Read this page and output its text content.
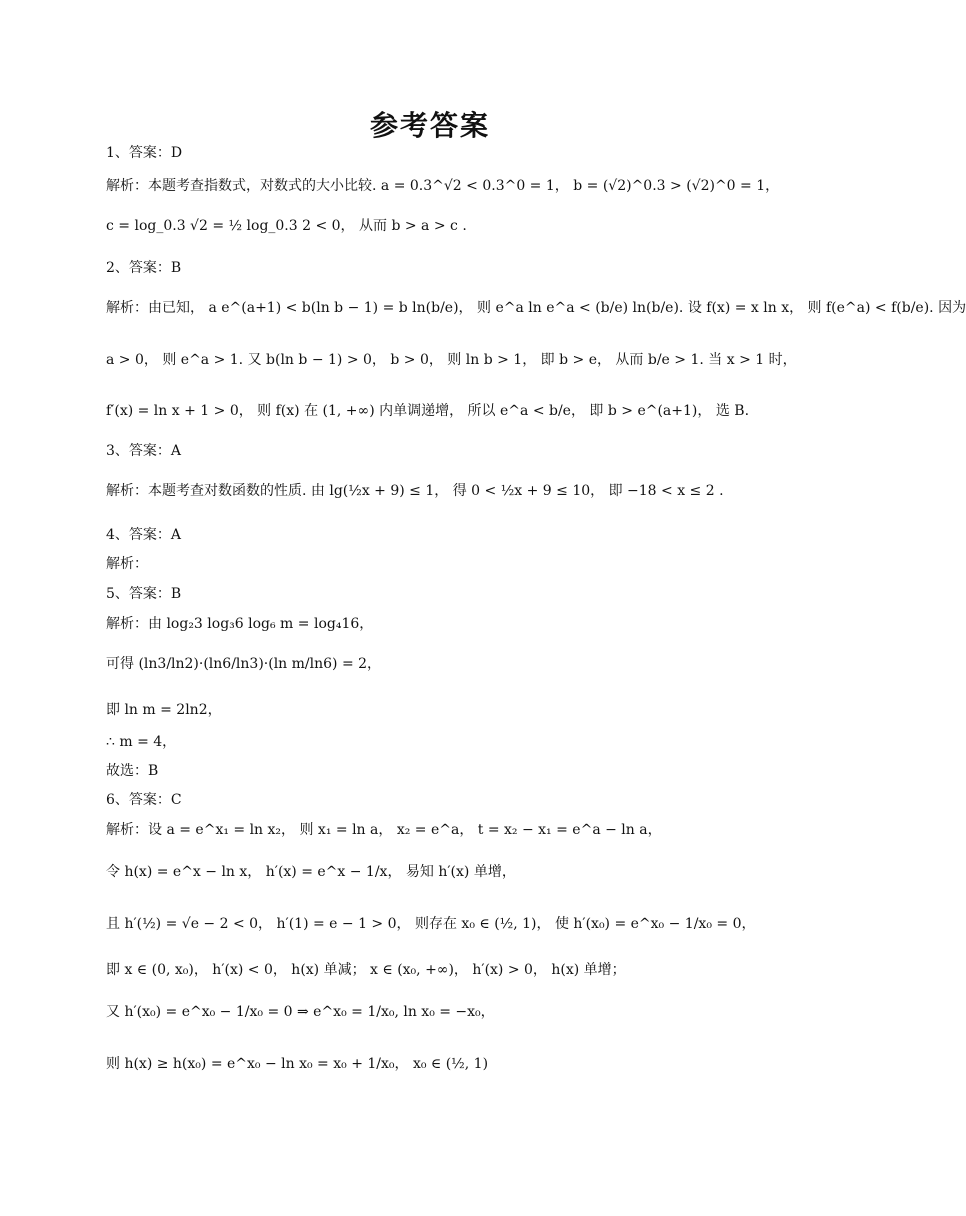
参考答案
1、答案：D
解析：本题考查指数式，对数式的大小比较. a = 0.3^√2 < 0.3^0 = 1， b = (√2)^0.3 > (√2)^0 = 1，
c = log_0.3 √2 = ½ log_0.3 2 < 0， 从而 b > a > c .
2、答案：B
解析：由已知， a e^(a+1) < b(ln b − 1) = b ln(b/e)， 则 e^a ln e^a < (b/e) ln(b/e). 设 f(x) = x ln x， 则 f(e^a) < f(b/e). 因为
a > 0， 则 e^a > 1. 又 b(ln b − 1) > 0， b > 0， 则 ln b > 1， 即 b > e， 从而 b/e > 1. 当 x > 1 时，
f′(x) = ln x + 1 > 0， 则 f(x) 在 (1, +∞) 内单调递增， 所以 e^a < b/e， 即 b > e^(a+1)， 选 B.
3、答案：A
解析：本题考查对数函数的性质. 由 lg(½x + 9) ≤ 1， 得 0 < ½x + 9 ≤ 10， 即 −18 < x ≤ 2 .
4、答案：A
解析：
5、答案：B
解析：由 log₂3 log₃6 log₆ m = log₄16，
可得 (ln3/ln2)·(ln6/ln3)·(ln m/ln6) = 2，
即 ln m = 2ln2，
∴ m = 4，
故选：B
6、答案：C
解析：设 a = e^x₁ = ln x₂， 则 x₁ = ln a， x₂ = e^a， t = x₂ − x₁ = e^a − ln a，
令 h(x) = e^x − ln x， h′(x) = e^x − 1/x， 易知 h′(x) 单增，
且 h′(½) = √e − 2 < 0， h′(1) = e − 1 > 0， 则存在 x₀ ∈ (½, 1)， 使 h′(x₀) = e^x₀ − 1/x₀ = 0，
即 x ∈ (0, x₀)， h′(x) < 0， h(x) 单减； x ∈ (x₀, +∞)， h′(x) > 0， h(x) 单增；
又 h′(x₀) = e^x₀ − 1/x₀ = 0 ⇒ e^x₀ = 1/x₀, ln x₀ = −x₀，
则 h(x) ≥ h(x₀) = e^x₀ − ln x₀ = x₀ + 1/x₀， x₀ ∈ (½, 1)
